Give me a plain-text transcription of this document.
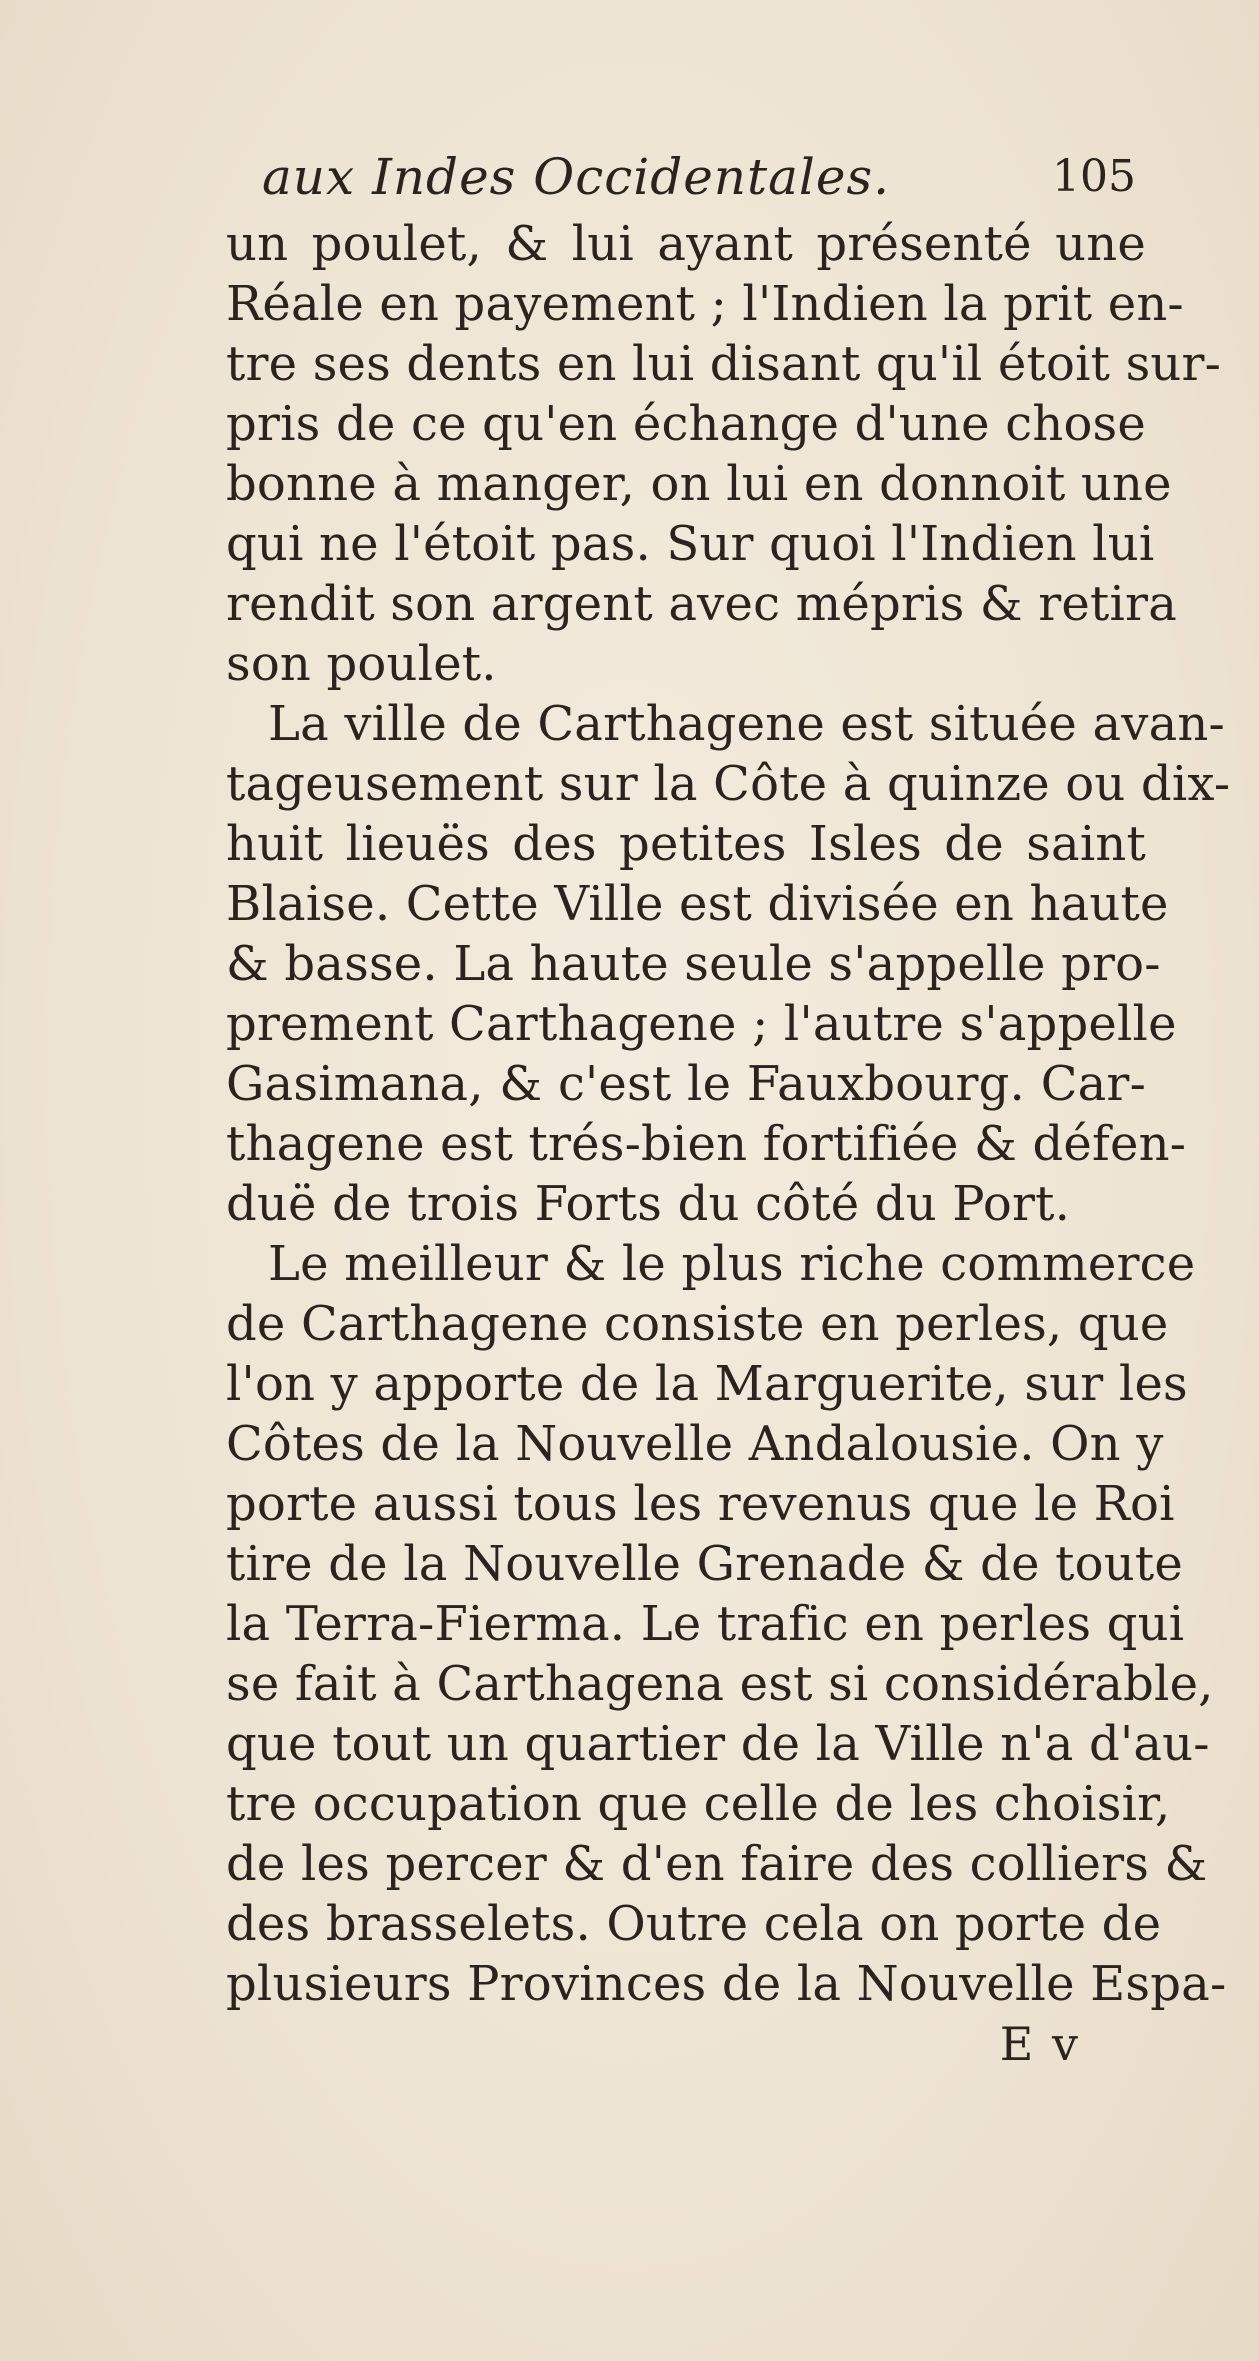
aux Indes Occidentales.	105
un poulet, & lui ayant présenté une
Réale en payement ; l'Indien la prit en-
tre ses dents en lui disant qu'il étoit sur-
pris de ce qu'en échange d'une chose
bonne à manger, on lui en donnoit une
qui ne l'étoit pas. Sur quoi l'Indien lui
rendit son argent avec mépris & retira
son poulet.
La ville de Carthagene est située avan-
tageusement sur la Côte à quinze ou dix-
huit lieuës des petites Isles de saint
Blaise. Cette Ville est divisée en haute
& basse. La haute seule s'appelle pro-
prement Carthagene ; l'autre s'appelle
Gasimana, & c'est le Fauxbourg. Car-
thagene est trés-bien fortifiée & défen-
duë de trois Forts du côté du Port.
Le meilleur & le plus riche commerce
de Carthagene consiste en perles, que
l'on y apporte de la Marguerite, sur les
Côtes de la Nouvelle Andalousie. On y
porte aussi tous les revenus que le Roi
tire de la Nouvelle Grenade & de toute
la Terra-Fierma. Le trafic en perles qui
se fait à Carthagena est si considérable,
que tout un quartier de la Ville n'a d'au-
tre occupation que celle de les choisir,
de les percer & d'en faire des colliers &
des brasselets. Outre cela on porte de
plusieurs Provinces de la Nouvelle Espa-
E v
